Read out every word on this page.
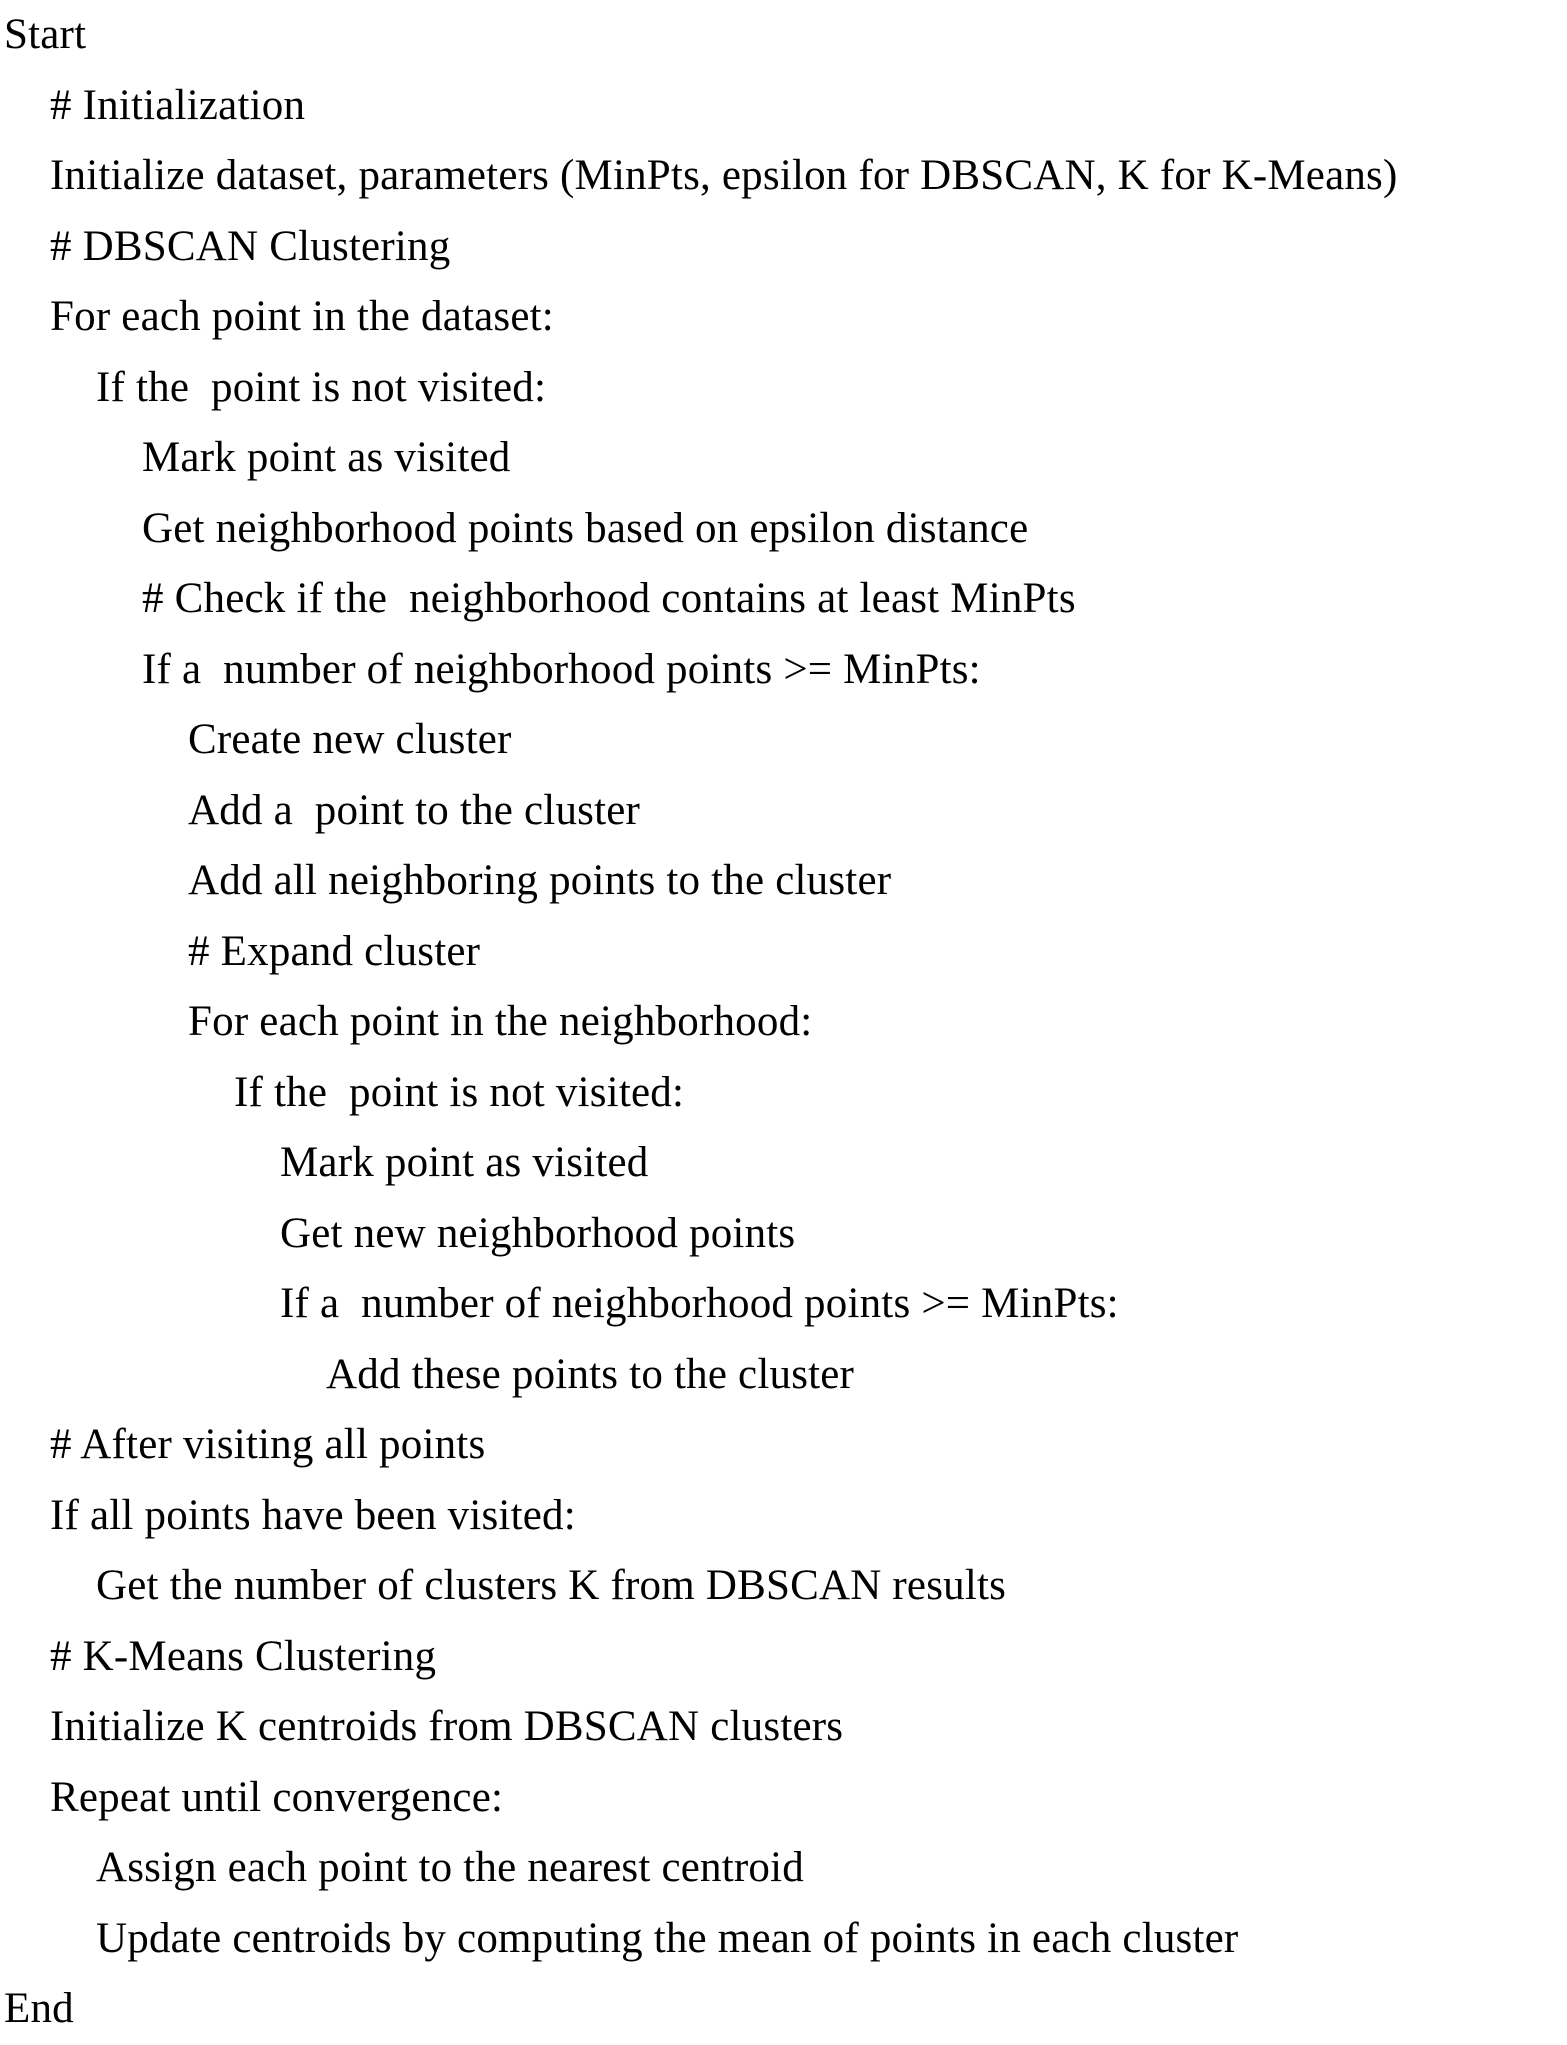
Start
# Initialization
Initialize dataset, parameters (MinPts, epsilon for DBSCAN, K for K-Means)
# DBSCAN Clustering
For each point in the dataset:
If the  point is not visited:
Mark point as visited
Get neighborhood points based on epsilon distance
# Check if the  neighborhood contains at least MinPts
If a  number of neighborhood points >= MinPts:
Create new cluster
Add a  point to the cluster
Add all neighboring points to the cluster
# Expand cluster
For each point in the neighborhood:
If the  point is not visited:
Mark point as visited
Get new neighborhood points
If a  number of neighborhood points >= MinPts:
Add these points to the cluster
# After visiting all points
If all points have been visited:
Get the number of clusters K from DBSCAN results
# K-Means Clustering
Initialize K centroids from DBSCAN clusters
Repeat until convergence:
Assign each point to the nearest centroid
Update centroids by computing the mean of points in each cluster
End
